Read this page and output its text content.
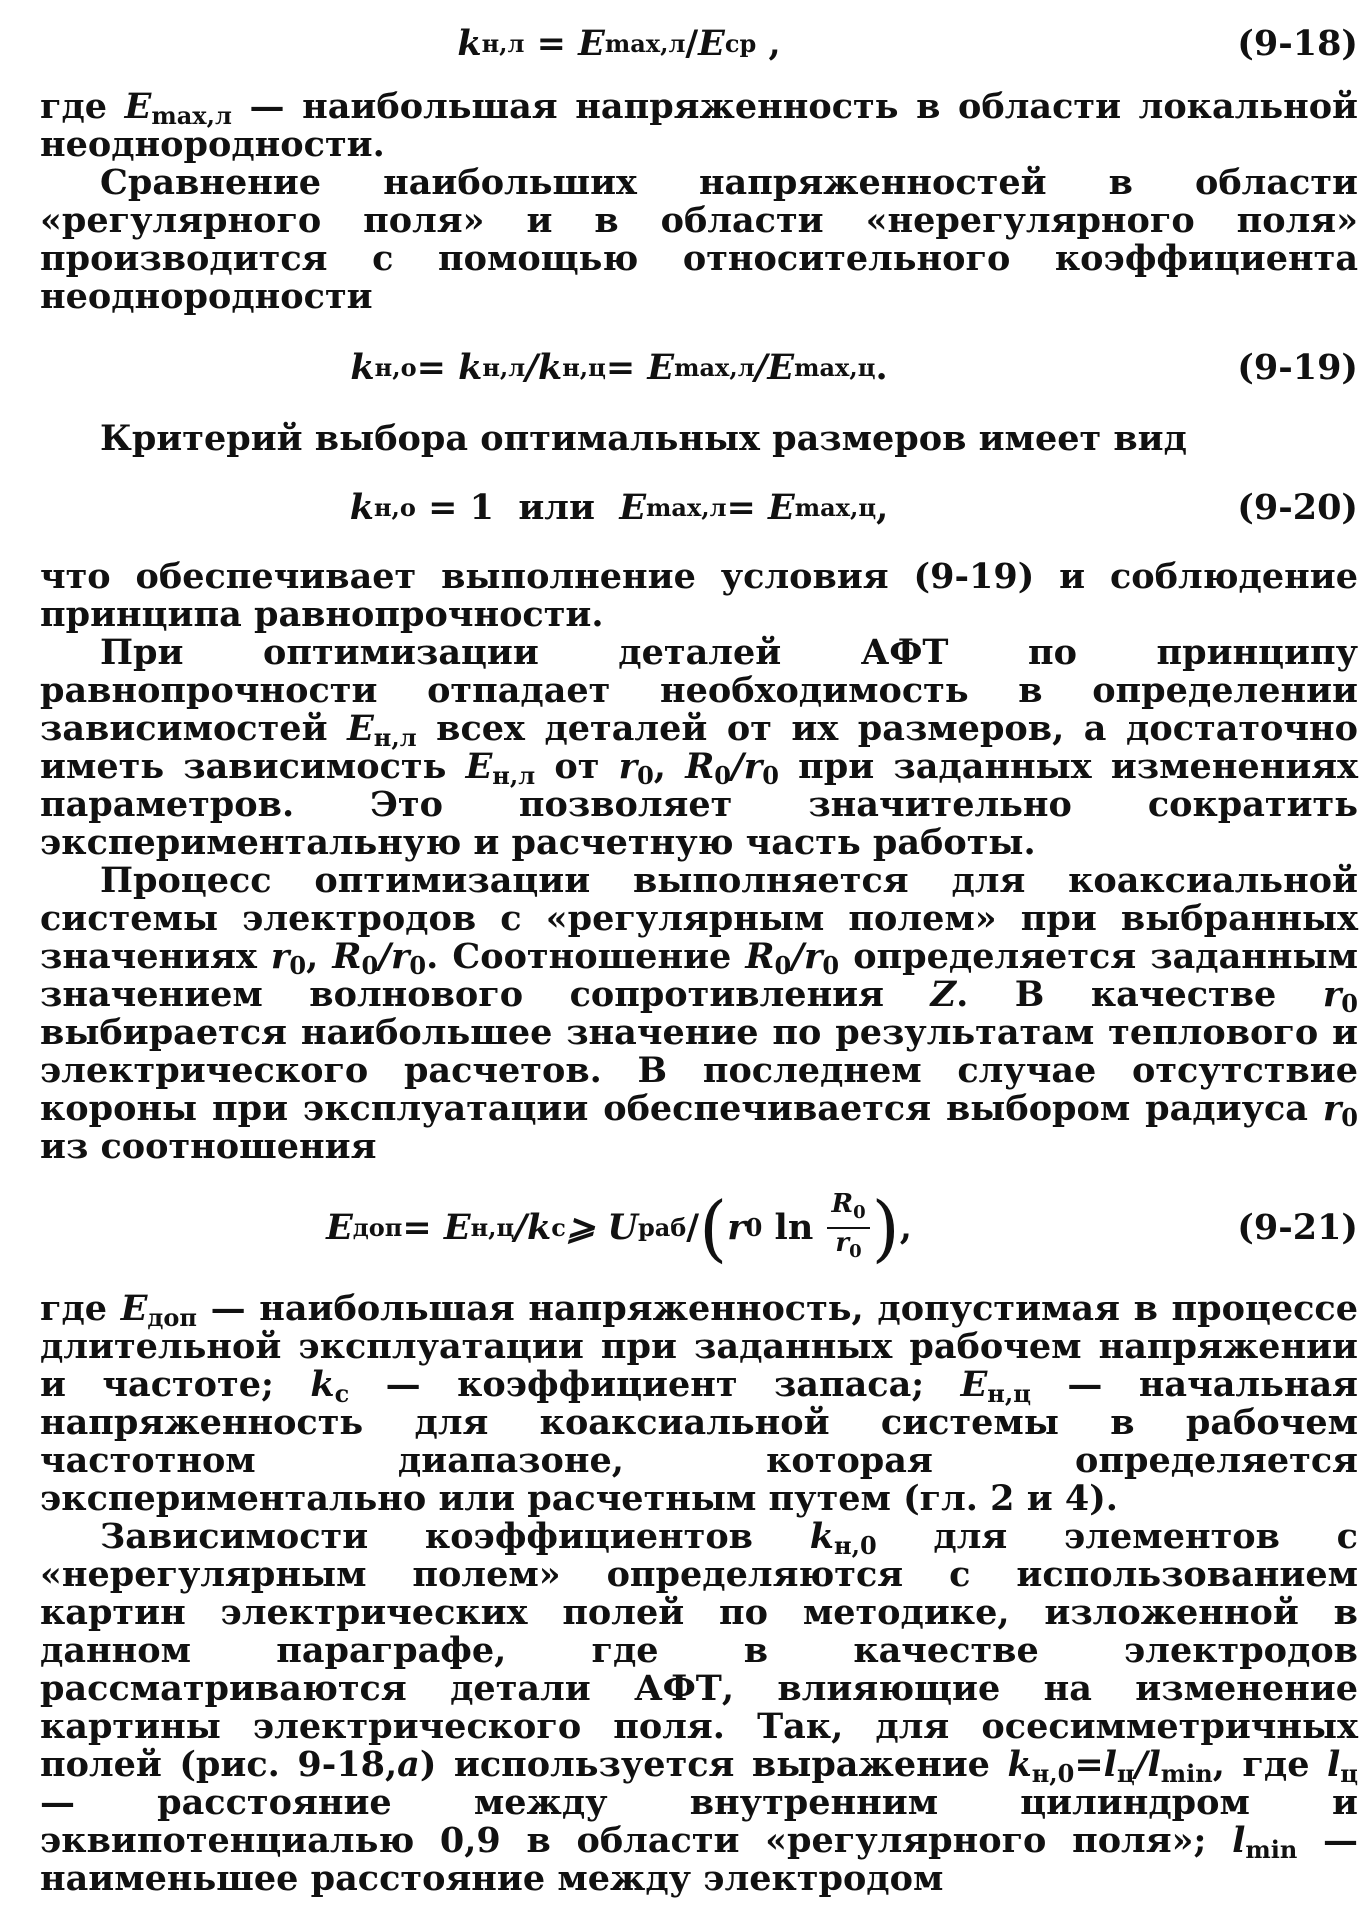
k н,л = E max,л / E ср ,	(9-18)

где $E_{max,л}$ — наибольшая напряженность в области локальной неоднородности.

Сравнение наибольших напряженностей в области «регулярного поля» и в области «нерегулярного поля» производится с помощью относительного коэффициента неоднородности

k н,о = k н,л /k н,ц = E max,л /E max,ц .	(9-19)

Критерий выбора оптимальных размеров имеет вид

k н,о = 1  или E max,л = E max,ц ,	(9-20)

что обеспечивает выполнение условия (9-19) и соблюдение принципа равнопрочности.

При оптимизации деталей АФТ по принципу равнопрочности отпадает необходимость в определении зависимостей $E_{н,л}$ всех деталей от их размеров, а достаточно иметь зависимость $E_{н,л}$ от $r_0$, $R_0/r_0$ при заданных изменениях параметров. Это позволяет значительно сократить экспериментальную и расчетную часть работы.

Процесс оптимизации выполняется для коаксиальной системы электродов с «регулярным полем» при выбранных значениях $r_0$, $R_0/r_0$. Соотношение $R_0/r_0$ определяется заданным значением волнового сопротивления Z. В качестве $r_0$ выбирается наибольшее значение по результатам теплового и электрического расчетов. В последнем случае отсутствие короны при эксплуатации обеспечивается выбором радиуса $r_0$ из соотношения

E доп = E н,ц /k с ⩾ U раб / ( r 0 $\ln \frac{R_0}{r_0}$ ) ,	(9-21)

где $E_{доп}$ — наибольшая напряженность, допустимая в процессе длительной эксплуатации при заданных рабочем напряжении и частоте; $k_с$ — коэффициент запаса; $E_{н,ц}$ — начальная напряженность для коаксиальной системы в рабочем частотном диапазоне, которая определяется экспериментально или расчетным путем (гл. 2 и 4).

Зависимости коэффициентов $k_{н,0}$ для элементов с «нерегулярным полем» определяются с использованием картин электрических полей по методике, изложенной в данном параграфе, где в качестве электродов рассматриваются детали АФТ, влияющие на изменение картины электрического поля. Так, для осесимметричных полей (рис. 9-18,а) используется выражение $k_{н,0}=l_ц/l_{min}$, где $l_ц$ — расстояние между внутренним цилиндром и эквипотенциалью 0,9 в области «регулярного поля»; $l_{min}$ — наименьшее расстояние между электродом
